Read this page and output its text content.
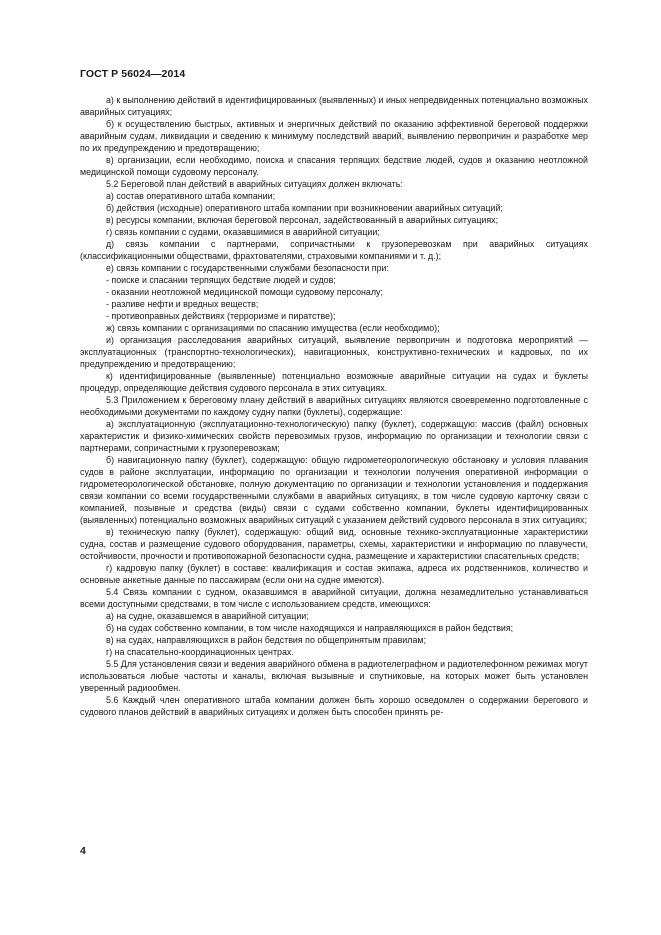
ГОСТ Р 56024—2014

а) к выполнению действий в идентифицированных (выявленных) и иных непредвиденных потенциально возможных аварийных ситуациях;

б) к осуществлению быстрых, активных и энергичных действий по оказанию эффективной береговой поддержки аварийным судам, ликвидации и сведению к минимуму последствий аварий, выявлению первопричин и разработке мер по их предупреждению и предотвращению;

в) организации, если необходимо, поиска и спасания терпящих бедствие людей, судов и оказанию неотложной медицинской помощи судовому персоналу.

5.2 Береговой план действий в аварийных ситуациях должен включать:

а) состав оперативного штаба компании;

б) действия (исходные) оперативного штаба компании при возникновении аварийных ситуаций;

в) ресурсы компании, включая береговой персонал, задействованный в аварийных ситуациях;

г) связь компании с судами, оказавшимися в аварийной ситуации;

д) связь компании с партнерами, сопричастными к грузоперевозкам при аварийных ситуациях (классификационными обществами, фрахтователями, страховыми компаниями и т. д.);

е) связь компании с государственными службами безопасности при:

- поиске и спасании терпящих бедствие людей и судов;

- оказании неотложной медицинской помощи судовому персоналу;

- разливе нефти и вредных веществ;

- противоправных действиях (терроризме и пиратстве);

ж) связь компании с организациями по спасанию имущества (если необходимо);

и) организация расследования аварийных ситуаций, выявление первопричин и подготовка мероприятий — эксплуатационных (транспортно-технологических), навигационных, конструктивно-технических и кадровых, по их предупреждению и предотвращению;

к) идентифицированные (выявленные) потенциально возможные аварийные ситуации на судах и буклеты процедур, определяющие действия судового персонала в этих ситуациях.

5.3 Приложением к береговому плану действий в аварийных ситуациях являются своевременно подготовленные с необходимыми документами по каждому судну папки (буклеты), содержащие:

а) эксплуатационную (эксплуатационно-технологическую) папку (буклет), содержащую: массив (файл) основных характеристик и физико-химических свойств перевозимых грузов, информацию по организации и технологии связи с партнерами, сопричастными к грузоперевозкам;

б) навигационную папку (буклет), содержащую: общую гидрометеорологическую обстановку и условия плавания судов в районе эксплуатации, информацию по организации и технологии получения оперативной информации о гидрометеорологической обстановке, полную документацию по организации и технологии установления и поддержания связи компании со всеми государственными службами в аварийных ситуациях, в том числе судовую карточку связи с компанией, позывные и средства (виды) связи с судами собственно компании, буклеты идентифицированных (выявленных) потенциально возможных аварийных ситуаций с указанием действий судового персонала в этих ситуациях;

в) техническую папку (буклет), содержащую: общий вид, основные технико-эксплуатационные характеристики судна, состав и размещение судового оборудования, параметры, схемы, характеристики и информацию по плавучести, остойчивости, прочности и противопожарной безопасности судна, размещение и характеристики спасательных средств;

г) кадровую папку (буклет) в составе: квалификация и состав экипажа, адреса их родственников, количество и основные анкетные данные по пассажирам (если они на судне имеются).

5.4 Связь компании с судном, оказавшимся в аварийной ситуации, должна незамедлительно устанавливаться всеми доступными средствами, в том числе с использованием средств, имеющихся:

а) на судне, оказавшемся в аварийной ситуации;

б) на судах собственно компании, в том числе находящихся и направляющихся в район бедствия;

в) на судах, направляющихся в район бедствия по общепринятым правилам;

г) на спасательно-координационных центрах.

5.5 Для установления связи и ведения аварийного обмена в радиотелеграфном и радиотелефонном режимах могут использоваться любые частоты и каналы, включая вызывные и спутниковые, на которых может быть установлен уверенный радиообмен.

5.6 Каждый член оперативного штаба компании должен быть хорошо осведомлен о содержании берегового и судового планов действий в аварийных ситуациях и должен быть способен принять ре-

4
